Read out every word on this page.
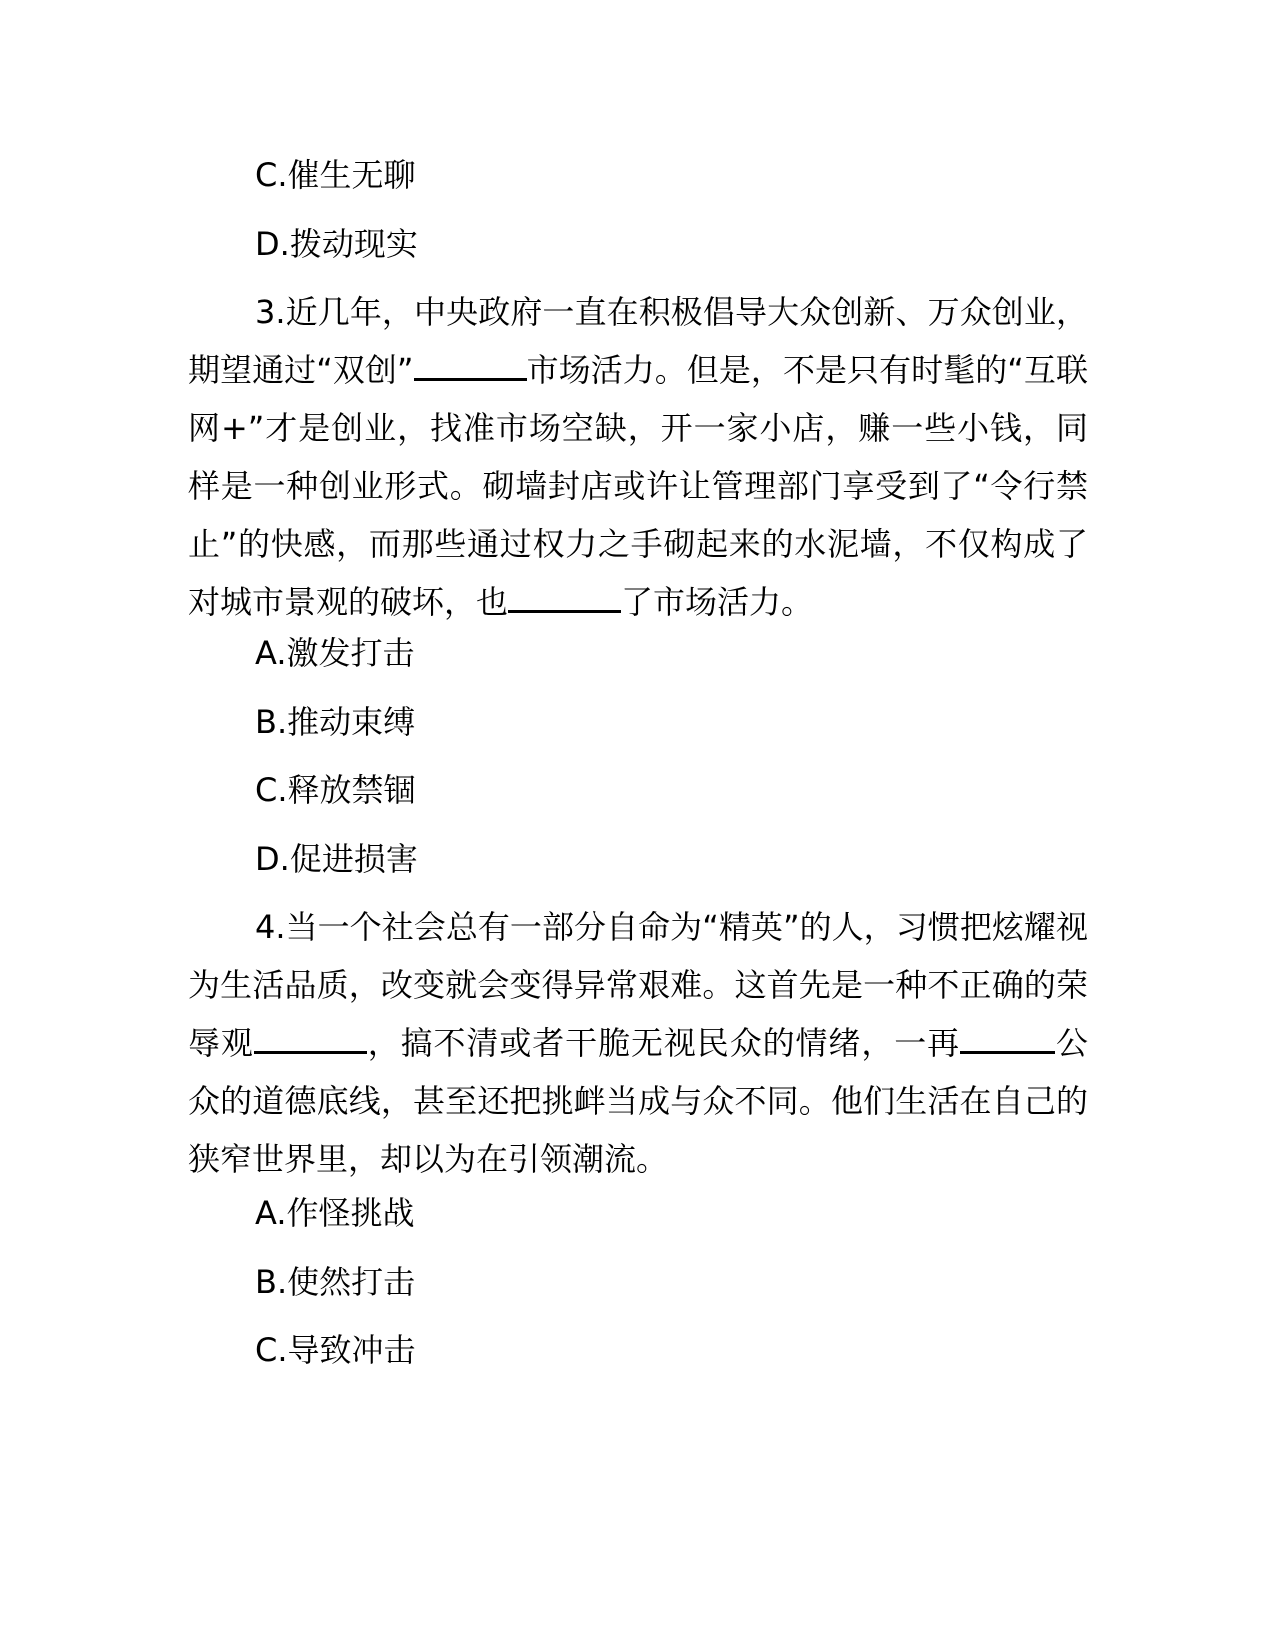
C.催生无聊
D.拨动现实
3.近几年，中央政府一直在积极倡导大众创新、万众创业，期望通过“双创”	市场活力。但是，不是只有时髦的“互联网+”才是创业，找准市场空缺，开一家小店，赚一些小钱，同样是一种创业形式。砌墙封店或许让管理部门享受到了“令行禁止”的快感，而那些通过权力之手砌起来的水泥墙，不仅构成了对城市景观的破坏，也	了市场活力。
A.激发打击
B.推动束缚
C.释放禁锢
D.促进损害
4.当一个社会总有一部分自命为“精英”的人，习惯把炫耀视为生活品质，改变就会变得异常艰难。这首先是一种不正确的荣辱观	，搞不清或者干脆无视民众的情绪，一再	公众的道德底线，甚至还把挑衅当成与众不同。他们生活在自己的狭窄世界里，却以为在引领潮流。
A.作怪挑战
B.使然打击
C.导致冲击
